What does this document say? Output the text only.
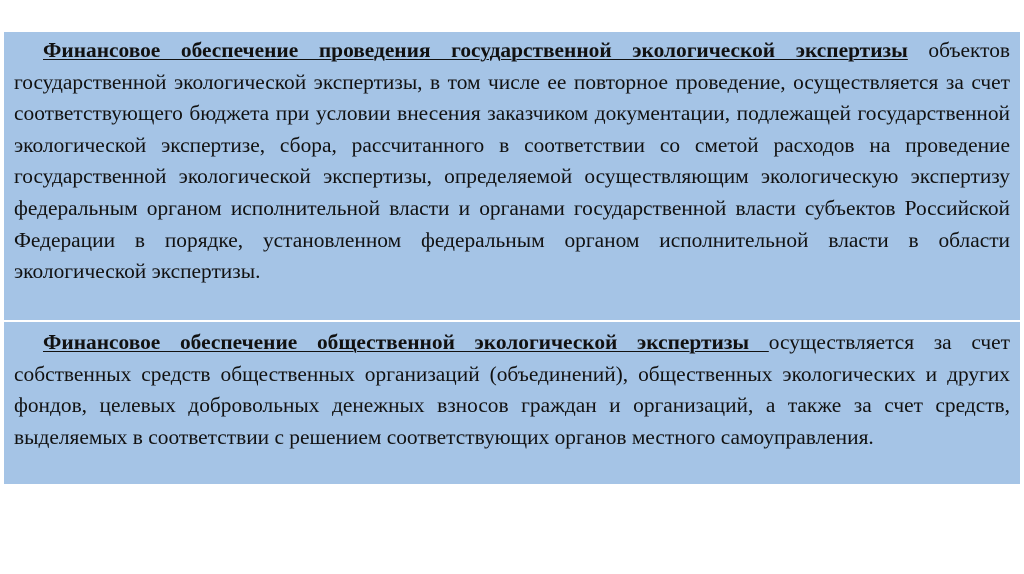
Финансовое обеспечение проведения государственной экологической экспертизы объектов государственной экологической экспертизы, в том числе ее повторное проведение, осуществляется за счет соответствующего бюджета при условии внесения заказчиком документации, подлежащей государственной экологической экспертизе, сбора, рассчитанного в соответствии со сметой расходов на проведение государственной экологической экспертизы, определяемой осуществляющим экологическую экспертизу федеральным органом исполнительной власти и органами государственной власти субъектов Российской Федерации в порядке, установленном федеральным органом исполнительной власти в области экологической экспертизы.

Финансовое обеспечение общественной экологической экспертизы осуществляется за счет собственных средств общественных организаций (объединений), общественных экологических и других фондов, целевых добровольных денежных взносов граждан и организаций, а также за счет средств, выделяемых в соответствии с решением соответствующих органов местного самоуправления.
